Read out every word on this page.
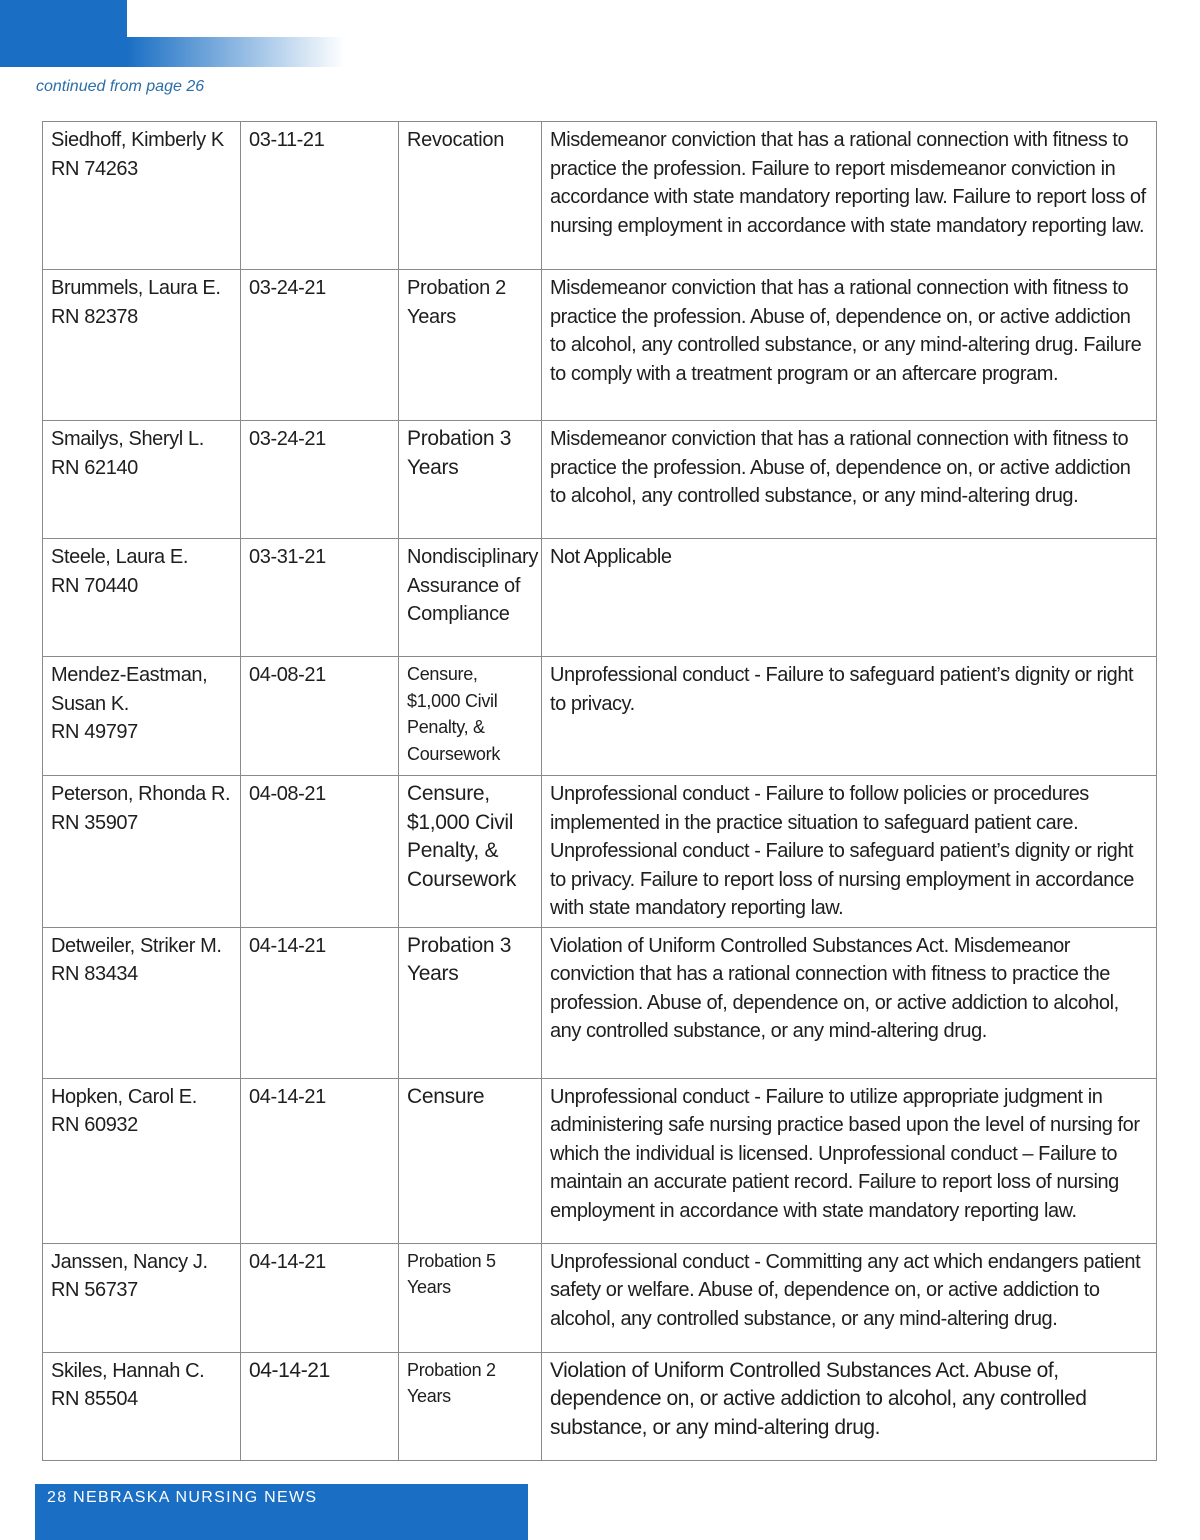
continued from page 26
Siedhoff, Kimberly K
RN 74263	03-11-21	Revocation	Misdemeanor conviction that has a rational connection with fitness to practice the profession. Failure to report misdemeanor conviction in accordance with state mandatory reporting law. Failure to report loss of nursing employment in accordance with state mandatory reporting law.

Brummels, Laura E.
RN 82378	03-24-21	Probation 2 Years	Misdemeanor conviction that has a rational connection with fitness to practice the profession. Abuse of, dependence on, or active addiction to alcohol, any controlled substance, or any mind-altering drug. Failure to comply with a treatment program or an aftercare program.

Smailys, Sheryl L.
RN 62140	03-24-21	Probation 3 Years	Misdemeanor conviction that has a rational connection with fitness to practice the profession. Abuse of, dependence on, or active addiction to alcohol, any controlled substance, or any mind-altering drug.

Steele, Laura E.
RN 70440	03-31-21	Nondisciplinary Assurance of Compliance	Not Applicable

Mendez-Eastman, Susan K.
RN 49797	04-08-21	Censure, $1,000 Civil Penalty, & Coursework	Unprofessional conduct - Failure to safeguard patient’s dignity or right to privacy.

Peterson, Rhonda R.
RN 35907	04-08-21	Censure, $1,000 Civil Penalty, & Coursework	Unprofessional conduct - Failure to follow policies or procedures implemented in the practice situation to safeguard patient care. Unprofessional conduct - Failure to safeguard patient’s dignity or right to privacy. Failure to report loss of nursing employment in accordance with state mandatory reporting law.

Detweiler, Striker M.
RN 83434	04-14-21	Probation 3 Years	Violation of Uniform Controlled Substances Act. Misdemeanor conviction that has a rational connection with fitness to practice the profession. Abuse of, dependence on, or active addiction to alcohol, any controlled substance, or any mind-altering drug.

Hopken, Carol E.
RN 60932	04-14-21	Censure	Unprofessional conduct - Failure to utilize appropriate judgment in administering safe nursing practice based upon the level of nursing for which the individual is licensed. Unprofessional conduct – Failure to maintain an accurate patient record. Failure to report loss of nursing employment in accordance with state mandatory reporting law.

Janssen, Nancy J.
RN 56737	04-14-21	Probation 5 Years	Unprofessional conduct - Committing any act which endangers patient safety or welfare. Abuse of, dependence on, or active addiction to alcohol, any controlled substance, or any mind-altering drug.

Skiles, Hannah C.
RN 85504	04-14-21	Probation 2 Years	Violation of Uniform Controlled Substances Act. Abuse of, dependence on, or active addiction to alcohol, any controlled substance, or any mind-altering drug.
28 NEBRASKA NURSING NEWS
